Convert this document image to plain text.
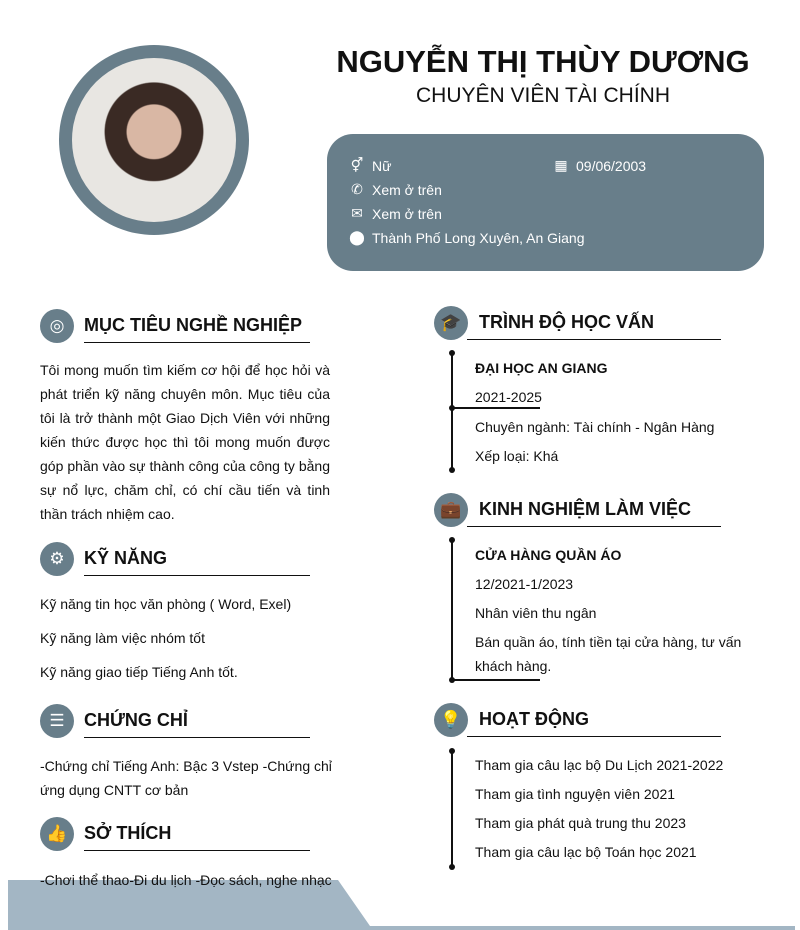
NGUYỄN THỊ THÙY DƯƠNG
CHUYÊN VIÊN TÀI CHÍNH
⚥ Nữ	▦ 09/06/2003
✆ Xem ở trên
✉ Xem ở trên
⬤ Thành Phố Long Xuyên, An Giang
◎	MỤC TIÊU NGHỀ NGHIỆP
Tôi mong muốn tìm kiếm cơ hội để học hỏi và phát triển kỹ năng chuyên môn. Mục tiêu của tôi là trở thành một Giao Dịch Viên với những kiến thức được học thì tôi mong muốn được góp phần vào sự thành công của công ty bằng sự nổ lực, chăm chỉ, có chí cầu tiến và tinh thần trách nhiệm cao.
⚙	KỸ NĂNG
Kỹ năng tin học văn phòng ( Word, Exel)
Kỹ năng làm việc nhóm tốt
Kỹ năng giao tiếp Tiếng Anh tốt.
☰	CHỨNG CHỈ
-Chứng chỉ Tiếng Anh: Bậc 3 Vstep -Chứng chỉ ứng dụng CNTT cơ bản
👍 SỞ THÍCH
-Chơi thể thao-Đi du lịch -Đọc sách, nghe nhạc
🎓 TRÌNH ĐỘ HỌC VẤN
ĐẠI HỌC AN GIANG
2021-2025
Chuyên ngành: Tài chính - Ngân Hàng
Xếp loại: Khá
💼 KINH NGHIỆM LÀM VIỆC
CỬA HÀNG QUẦN ÁO
12/2021-1/2023
Nhân viên thu ngân
Bán quần áo, tính tiền tại cửa hàng, tư vấn khách hàng.
💡 HOẠT ĐỘNG
Tham gia câu lạc bộ Du Lịch 2021-2022
Tham gia tình nguyện viên 2021
Tham gia phát quà trung thu 2023
Tham gia câu lạc bộ Toán học 2021
